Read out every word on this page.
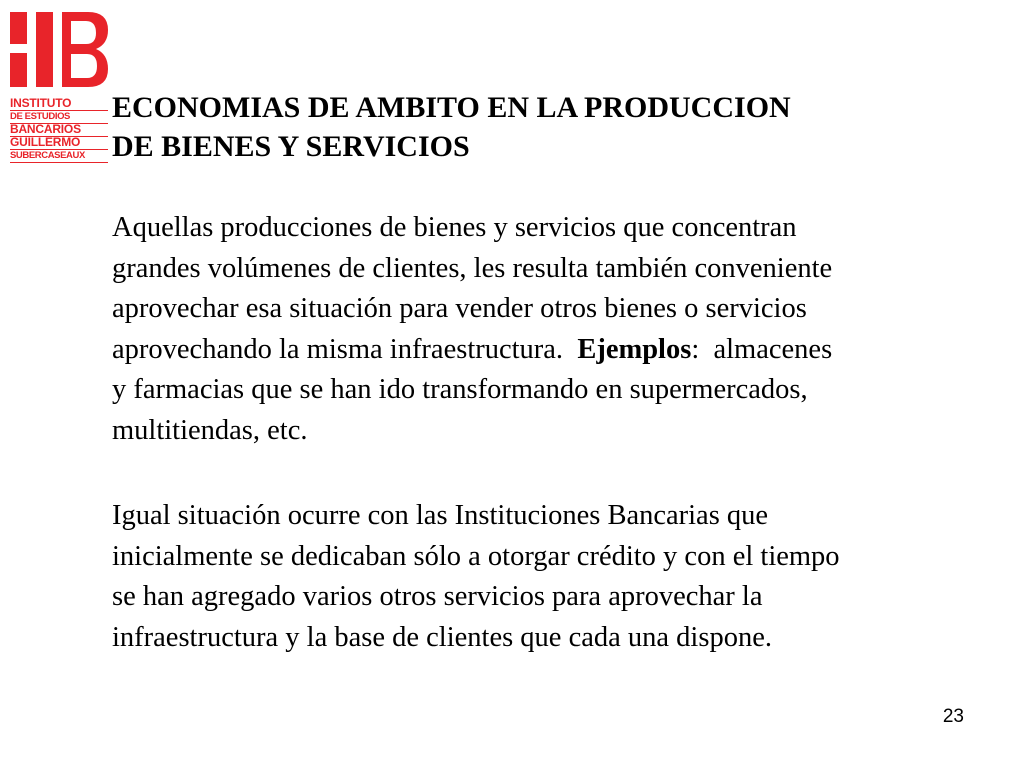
INSTITUTO
DE ESTUDIOS
BANCARIOS
GUILLERMO
SUBERCASEAUX
ECONOMIAS DE AMBITO EN LA PRODUCCION
DE BIENES Y SERVICIOS

Aquellas producciones de bienes y servicios que concentran
grandes volúmenes de clientes, les resulta también conveniente
aprovechar esa situación para vender otros bienes o servicios
aprovechando la misma infraestructura.  Ejemplos:  almacenes
y farmacias que se han ido transformando en supermercados,
multitiendas, etc.

Igual situación ocurre con las Instituciones Bancarias que
inicialmente se dedicaban sólo a otorgar crédito y con el tiempo
se han agregado varios otros servicios para aprovechar la
infraestructura y la base de clientes que cada una dispone.

23
